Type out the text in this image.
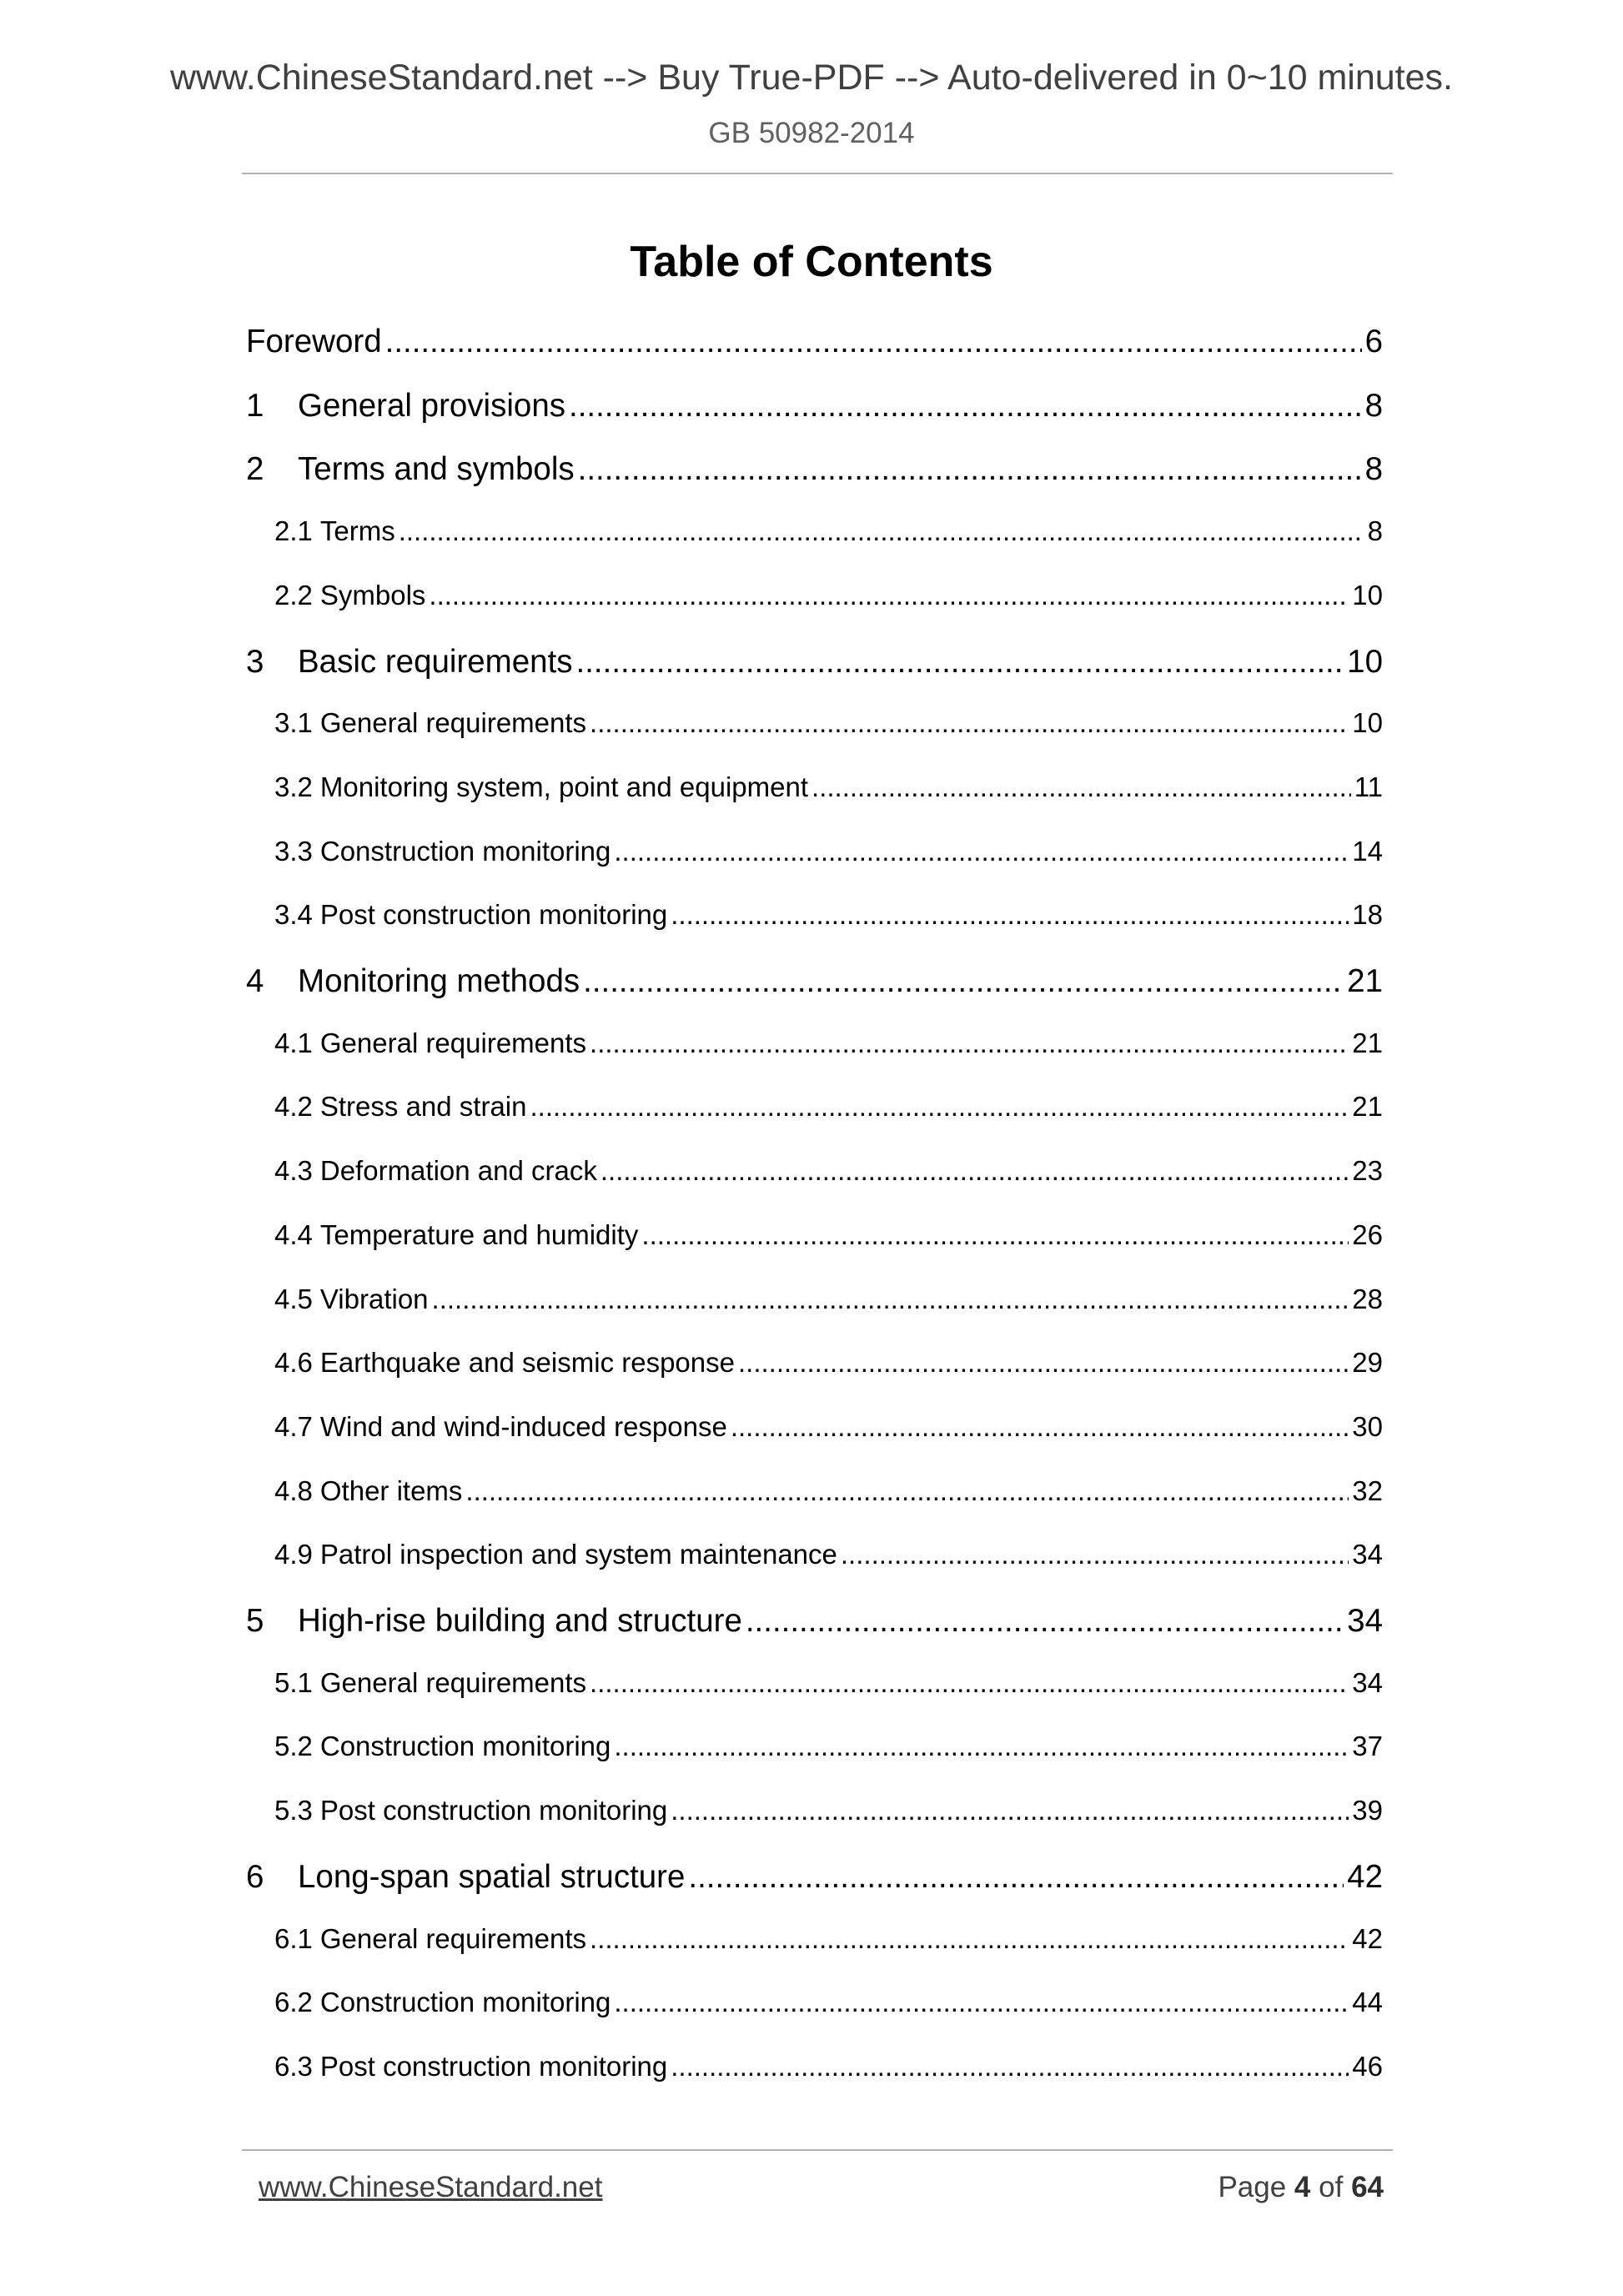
www.ChineseStandard.net --> Buy True-PDF --> Auto-delivered in 0~10 minutes.
GB 50982-2014
Table of Contents
Foreword .....	6
1	General provisions .....	8
2	Terms and symbols .....	8
2.1 Terms .....	8
2.2 Symbols .....	10
3	Basic requirements .....	10
3.1 General requirements .....	10
3.2 Monitoring system, point and equipment .....	11
3.3 Construction monitoring .....	14
3.4 Post construction monitoring .....	18
4	Monitoring methods .....	21
4.1 General requirements .....	21
4.2 Stress and strain .....	21
4.3 Deformation and crack .....	23
4.4 Temperature and humidity .....	26
4.5 Vibration .....	28
4.6 Earthquake and seismic response .....	29
4.7 Wind and wind-induced response .....	30
4.8 Other items .....	32
4.9 Patrol inspection and system maintenance .....	34
5	High-rise building and structure .....	34
5.1 General requirements .....	34
5.2 Construction monitoring .....	37
5.3 Post construction monitoring .....	39
6	Long-span spatial structure .....	42
6.1 General requirements .....	42
6.2 Construction monitoring .....	44
6.3 Post construction monitoring .....	46
www.ChineseStandard.net	Page 4 of 64
